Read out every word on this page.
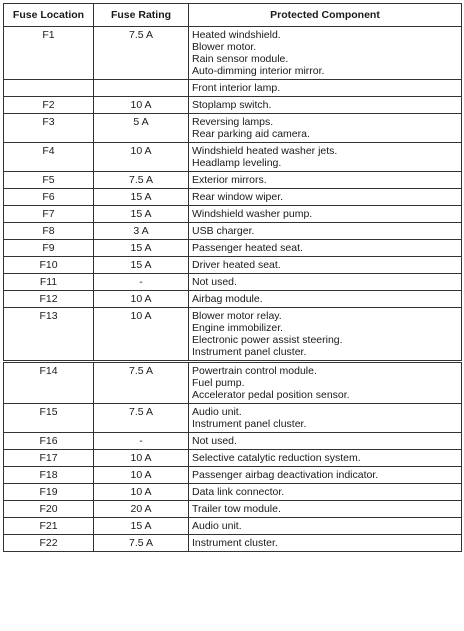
Fuse Location	Fuse Rating	Protected Component
F1	7.5 A	Heated windshield.
Blower motor.
Rain sensor module.
Auto-dimming interior mirror.

		Front interior lamp.

F2	10 A	Stoplamp switch.

F3	5 A	Reversing lamps.
Rear parking aid camera.

F4	10 A	Windshield heated washer jets.
Headlamp leveling.

F5	7.5 A	Exterior mirrors.

F6	15 A	Rear window wiper.

F7	15 A	Windshield washer pump.

F8	3 A	USB charger.

F9	15 A	Passenger heated seat.

F10	15 A	Driver heated seat.

F11	-	Not used.

F12	10 A	Airbag module.

F13	10 A	Blower motor relay.
Engine immobilizer.
Electronic power assist steering.
Instrument panel cluster.

F14	7.5 A	Powertrain control module.
Fuel pump.
Accelerator pedal position sensor.

F15	7.5 A	Audio unit.
Instrument panel cluster.

F16	-	Not used.

F17	10 A	Selective catalytic reduction system.

F18	10 A	Passenger airbag deactivation indicator.

F19	10 A	Data link connector.

F20	20 A	Trailer tow module.

F21	15 A	Audio unit.

F22	7.5 A	Instrument cluster.
